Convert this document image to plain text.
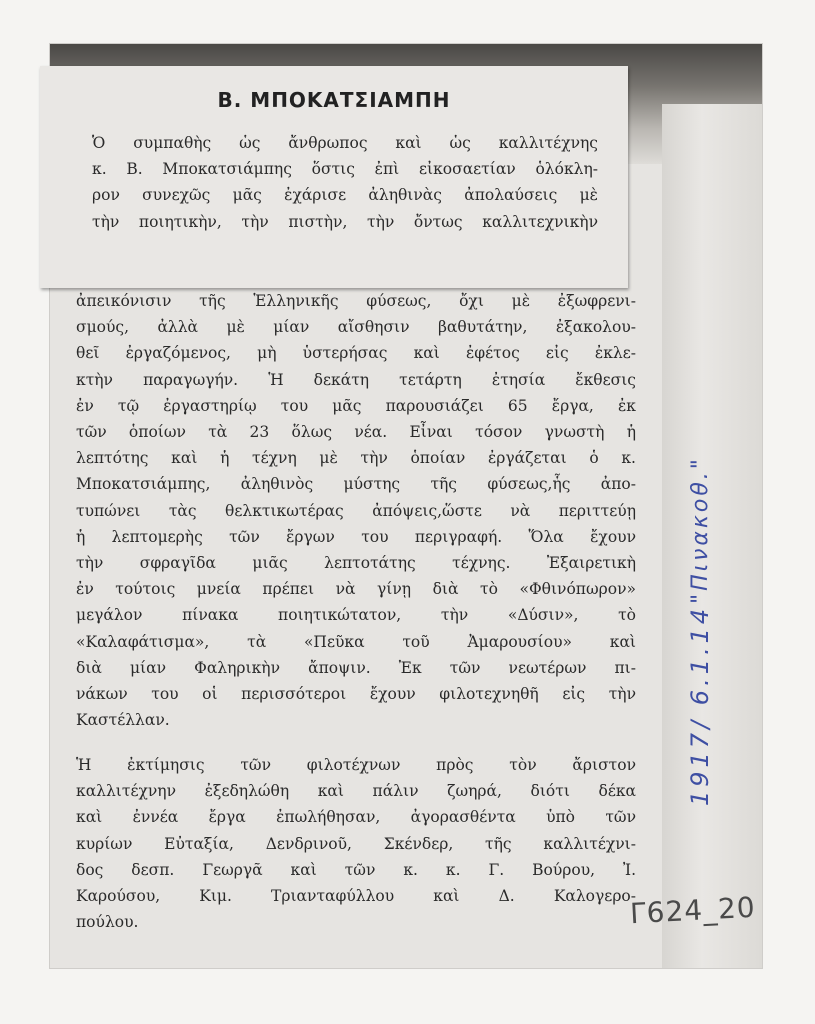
ἀπεικόνισιν τῆς Ἑλληνικῆς φύσεως, ὄχι μὲ ἐξωφρενι-
σμούς, ἀλλὰ μὲ μίαν αἴσθησιν βαθυτάτην, ἐξακολου-
θεῖ ἐργαζόμενος, μὴ ὑστερήσας καὶ ἐφέτος εἰς ἐκλε-
κτὴν παραγωγήν. Ἡ δεκάτη τετάρτη ἐτησία ἔκθεσις
ἐν τῷ ἐργαστηρίῳ του μᾶς παρουσιάζει 65 ἔργα, ἐκ
τῶν ὁποίων τὰ 23 ὅλως νέα. Εἶναι τόσον γνωστὴ ἡ
λεπτότης καὶ ἡ τέχνη μὲ τὴν ὁποίαν ἐργάζεται ὁ κ.
Μποκατσιάμπης, ἀληθινὸς μύστης τῆς φύσεως,ἧς ἀπο-
τυπώνει τὰς θελκτικωτέρας ἀπόψεις,ὥστε νὰ περιττεύῃ
ἡ λεπτομερὴς τῶν ἔργων του περιγραφή. Ὅλα ἔχουν
τὴν σφραγῖδα μιᾶς λεπτοτάτης τέχνης. Ἐξαιρετικὴ
ἐν τούτοις μνεία πρέπει νὰ γίνῃ διὰ τὸ «Φθινόπωρον»
μεγάλον πίνακα ποιητικώτατον, τὴν «Δύσιν», τὸ
«Καλαφάτισμα», τὰ «Πεῦκα τοῦ Ἀμαρουσίου» καὶ
διὰ μίαν Φαληρικὴν ἄποψιν. Ἐκ τῶν νεωτέρων πι-
νάκων του οἱ περισσότεροι ἔχουν φιλοτεχνηθῆ εἰς τὴν
Καστέλλαν.
Ἡ ἐκτίμησις τῶν φιλοτέχνων πρὸς τὸν ἄριστον
καλλιτέχνην ἐξεδηλώθη καὶ πάλιν ζωηρά, διότι δέκα
καὶ ἐννέα ἔργα ἐπωλήθησαν, ἀγορασθέντα ὑπὸ τῶν
κυρίων Εὐταξία, Δενδρινοῦ, Σκένδερ, τῆς καλλιτέχνι-
δος δεσπ. Γεωργᾶ καὶ τῶν κ. κ. Γ. Βούρου, Ἰ.
Καρούσου, Κιμ. Τριανταφύλλου καὶ Δ. Καλογερο-
πούλου.
Β. ΜΠΟΚΑΤΣΙΑΜΠΗ
Ὁ συμπαθὴς ὡς ἄνθρωπος καὶ ὡς καλλιτέχνης
κ. Β. Μποκατσιάμπης ὅστις ἐπὶ εἰκοσαετίαν ὁλόκλη-
ρον συνεχῶς μᾶς ἐχάρισε ἀληθινὰς ἀπολαύσεις μὲ
τὴν ποιητικὴν, τὴν πιστὴν, τὴν ὄντως καλλιτεχνικὴν
"Πινακοθ."
1917/ 6.1.14
Γ624_20
